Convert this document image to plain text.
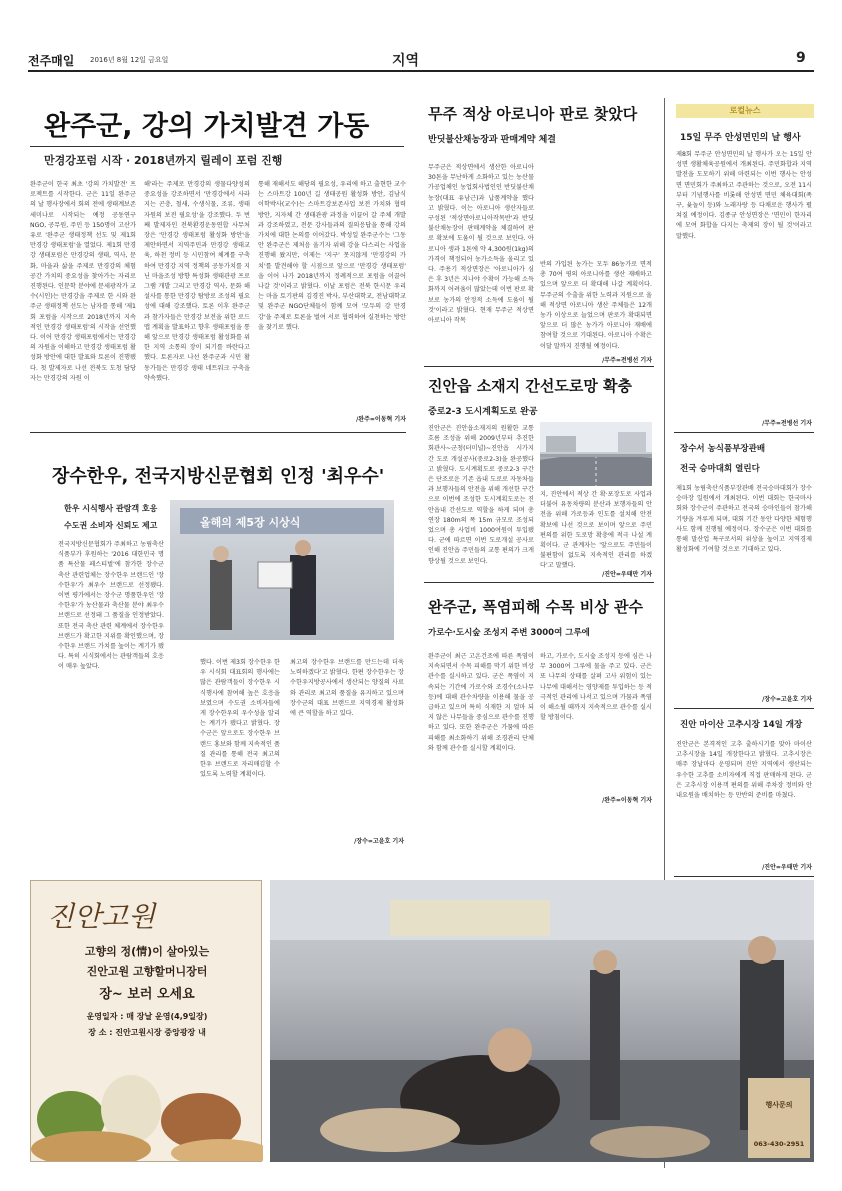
전주매일 2016년 8월 12일 금요일	지역	9
완주군, 강의 가치발견 가동
만경강포럼 시작 · 2018년까지 릴레이 포럼 진행
완주군이 한국 최초 '강의 가치발견' 프로젝트를 시작한다. 군은 11일 완주군의 날 행사장에서 회의 전에 생태계보존 세미나로 시작되는 예정 공동연구 NGO, 공무원, 주민 등 150명이 고산가유로 '완주군 생태정책 선도 및 제1회 만경강 생태포럼'을 열었다. 제1회 만경강 생태포럼은 만경강의 생태, 역사, 문화, 마을과 삶을 주제로 만경강의 체험공간 가치의 중요성을 찾아가는 자리로 진행된다. 인문학 분야에 문세광작가 교수(시인)는 만경강을 주제로 한 시와 완주군 생태정책 선도는 남자를 통해 '제1회 포럼을 시작으로 2018년까지 지속적인 만경강 생태포럼'의 시작을 선언했다. 이어 만경강 생태포럼에서는 만경강의 자원을 이해하고 만경강 생태포럼 활성화 방안에 대한 발표와 토론이 진행됐다. 첫 발제자로 나선 전북도 도청 담당자는 만경강의 자원 이
해'라는 주제로 만경강의 생물다양성의 중요성을 강조하면서 '만경강에서 사라지는 곤충, 철새, 수생식물, 조류, 생태자원의 보전 필요성'을 강조했다. 두 번째 발제자인 전북환경운동연합 사무처장은 '만경강 생태포럼 활성화 방안'을 제안하면서 지역주민과 만경강 생태교육, 하천 정비 등 시민참여 체계를 구축하여 만경강 지역 정책의 공동가치를 지닌 마을조성 방향 특성화 생태관광 프로그램 개발 그리고 만경강 역사, 문화 해설사를 통한 만경강 탐방로 조성의 필요성에 대해 강조했다. 토론 이후 완주군과 참가자들은 만경강 보전을 위한 로드맵 계획을 발표하고 향후 생태포럼을 통해 앞으로 만경강 생태포럼 활성화를 위한 지역 소통의 장이 되기를 바란다고 했다. 토론자로 나선 완주군과 시민 활동가들은 만경강 생태 네트워크 구축을 약속했다.
통해 재해서도 해당의 필요성, 우리에 하고 출현한 교수는 스마트강 100년 길 생태공원 활성화 방안, 김남식 이학박사(교수)는 스마트강보존사업 보전 가치와 협력방안, 지자체 간 생태관광 과정을 이끌어 갈 주체 개발과 강조하였고, 전문 강사들과의 질의응답을 통해 강의 가치에 대한 논의를 이어갔다. 박성일 완주군수는 '그동안 완주군은 제처음 올기자 위해 강을 다스리는 사업을 진행해 왔지만, 이제는 '지구' 못지않게 '만경강의 가치'를 발견해야 할 시점으로 앞으로 '만경강 생태포럼' 을 이어 나가 2018년까지 정례적으로 포럼을 이끌어 나갈 것'이라고 밝혔다. 이날 포럼은 전북 한시문 우리는 마을 토기판의 김경진 박사, 부산대학교, 전남대학교 및 완주군 NGO단체들이 함께 모여 '모두의 강 만경강'을 주제로 토론을 벌여 서로 협력하여 실천하는 방안을 찾기로 했다.
/완주=이동혁 기자
무주 적상 아로니아 판로 찾았다
반딧불산채농장과 판매계약 체결
무주군은 적상면에서 생산한 아로니아 30톤을 무난하게 소화하고 있는 농산물 가공업체인 농업회사법인인 반딧불산채농장(대표 유남근)과 납품계약을 했다고 밝혔다. 이는 아로니아 생산자들로 구성된 '적상면아로니아작목반'과 반딧불산채농장이 판매계약을 체결하여 판로 확보에 도움이 될 것으로 보인다. 아로니아 생과 1톤에 약 4,300원(1kg)의 가격이 책정되어 농가소득을 올리고 있다. 주용기 적상면장은 '아로니아가 심은 후 3년은 지나야 수확이 가능해 소득화까지 어려움이 많았는데 이번 판로 확보로 농가의 안정적 소득에 도움이 될 것'이라고 밝혔다. 현재 무주군 적상면 아로니아 작목
반의 가입된 농가는 모두 86농가로 면적 총 70여 평의 아로니아를 생산 재배하고 있으며 앞으로 더 확대해 나갈 계획이다. 무주군의 수출을 위한 노력과 지원으로 올해 적상면 아로니아 생산 주체들은 12개 농가 이상으로 늘었으며 판로가 확대되면 앞으로 더 많은 농가가 아로니아 재배에 참여할 것으로 기대된다. 아로니아 수확은 이달 말까지 진행될 예정이다.
/무주=전병선 기자
진안읍 소재지 간선도로망 확충
중로2-3 도시계획도로 완공
진안군은 진안읍소재지의 원활한 교통 흐름 조성을 위해 2009년부터 추진한 회관사~군청(터미널)~진안읍 시가지 간 도로 개설공사(중로2-3)을 완공했다고 밝혔다. 도시계획도로 중로2-3 구간은 단조로운 기존 읍내 도로로 자동차들과 보행자들의 안전을 위해 개선한 구간으로 이번에 조성한 도시계획도로는 진안읍내 간선도로 역할을 하게 되며 총 연장 180m의 폭 15m 규모로 조성되었으며 총 사업비 1000여원이 투입됐다. 군에 따르면 이번 도로개설 공사로 인해 진안읍 주민들의 교통 편의가 크게 향상될 것으로 보인다.
지, 진안에서 적상 간 확·포장도로 사업과 더불어 유동차량의 분산과 보행자들의 안전을 위해 가로등과 인도를 설치해 안전 확보에 나선 것으로 보이며 앞으로 주민 편의를 위한 도로망 확충에 적극 나설 계획이다. 군 관계자는 '앞으로도 주민들이 불편함이 없도록 지속적인 관리를 하겠다'고 말했다.
/진안=우태만 기자
장수한우, 전국지방신문협회 인정 '최우수'
한우 시식행사 관람객 호응
수도권 소비자 신뢰도 제고
전국지방신문협회가 주최하고 농림축산식품부가 후원하는 '2016 대한민국 명품 특산물 페스티벌'에 참가한 장수군 축산 관련업체는 장수한우 브랜드인 '장수한우'가 최우수 브랜드로 선정됐다. 이번 평가에서는 장수군 명품한우인 '장수한우'가 농산물과 축산물 분야 최우수 브랜드로 선정돼 그 품질을 인정받았다. 또한 전국 축산 관련 체계에서 장수한우 브랜드가 확고한 지위를 확인했으며, 장수한우 브랜드 가치를 높이는 계기가 됐다. 특히 시식회에서는 관람객들의 호응이 매우 높았다.
올해의 제5장 시상식
했다. 이번 제3회 장수한우 한우 시식회 대표회의 행사에는 많은 관람객들이 장수한우 시식행사에 참여해 높은 호응을 보였으며 수도권 소비자들에게 장수한우의 우수성을 알리는 계기가 됐다고 밝혔다. 장수군은 앞으로도 장수한우 브랜드 홍보와 함께 지속적인 품질 관리를 통해 전국 최고의 한우 브랜드로 자리매김할 수 있도록 노력할 계획이다.
최고의 장수한우 브랜드를 만드는데 더욱 노력하겠다'고 밝혔다. 한편 장수한우는 장수한우지방공사에서 생산되는 양질의 사료와 관리로 최고의 품질을 유지하고 있으며 장수군의 대표 브랜드로 지역경제 활성화에 큰 역할을 하고 있다.
/장수=고윤호 기자
완주군, 폭염피해 수목 비상 관수
가로수·도시숲 조성지 주변 3000여 그루에
완주군이 최근 고온건조에 따른 폭염이 지속되면서 수목 피해를 막기 위한 비상 관수를 실시하고 있다. 군은 폭염이 지속되는 기간에 가로수와 조경수(소나무 등)에 대해 관수차량을 이용해 물을 공급하고 있으며 특히 식재한 지 얼마 되지 않은 나무들을 중심으로 관수를 진행하고 있다. 또한 완주군은 가뭄에 따른 피해를 최소화하기 위해 조경관리 단체와 함께 관수를 실시할 계획이다.
하고, 가로수, 도시숲 조성지 등에 심은 나무 3000여 그루에 물을 주고 있다. 군은 또 나무의 상태를 살펴 고사 위험이 있는 나무에 대해서는 영양제를 투입하는 등 적극적인 관리에 나서고 있으며 가뭄과 폭염이 해소될 때까지 지속적으로 관수를 실시할 방침이다.
/완주=이동혁 기자
로컬뉴스
15일 무주 안성면민의 날 행사
제8회 무주군 안성면민의 날 행사가 오는 15일 안성면 생활체육공원에서 개최된다. 주민화합과 지역발전을 도모하기 위해 마련되는 이번 행사는 안성면 면민회가 주최하고 주관하는 것으로, 오전 11시부터 기념행사를 비롯해 안성면 면민 체육대회(족구, 윷놀이 등)와 노래자랑 등 다채로운 행사가 펼쳐질 예정이다. 김종규 안성면장은 '면민이 한자리에 모여 화합을 다지는 축제의 장이 될 것'이라고 말했다.
/무주=전병선 기자
장수서 농식품부장관배
전국 승마대회 열린다
제1회 농림축산식품부장관배 전국승마대회가 장수승마장 일원에서 개최된다. 이번 대회는 한국마사회와 장수군이 주관하고 전국의 승마인들이 참가해 기량을 겨루게 되며, 대회 기간 동안 다양한 체험행사도 함께 진행될 예정이다. 장수군은 이번 대회를 통해 말산업 특구로서의 위상을 높이고 지역경제 활성화에 기여할 것으로 기대하고 있다.
/장수=고윤호 기자
진안 마이산 고추시장 14일 개장
진안군은 본격적인 고추 출하시기를 맞아 마이산 고추시장을 14일 개장한다고 밝혔다. 고추시장은 매주 장날마다 운영되며 진안 지역에서 생산되는 우수한 고추를 소비자에게 직접 판매하게 된다. 군은 고추시장 이용객 편의를 위해 주차장 정비와 안내요원을 배치하는 등 만반의 준비를 마쳤다.
/진안=우태만 기자
진안고원
고향의 정(情)이 살아있는
진안고원 고향할머니장터
장~ 보러 오세요
운영일자 : 매 장날 운영(4,9일장)
장 소 : 진안고원시장 중앙광장 내
행사문의
063-430-2951
